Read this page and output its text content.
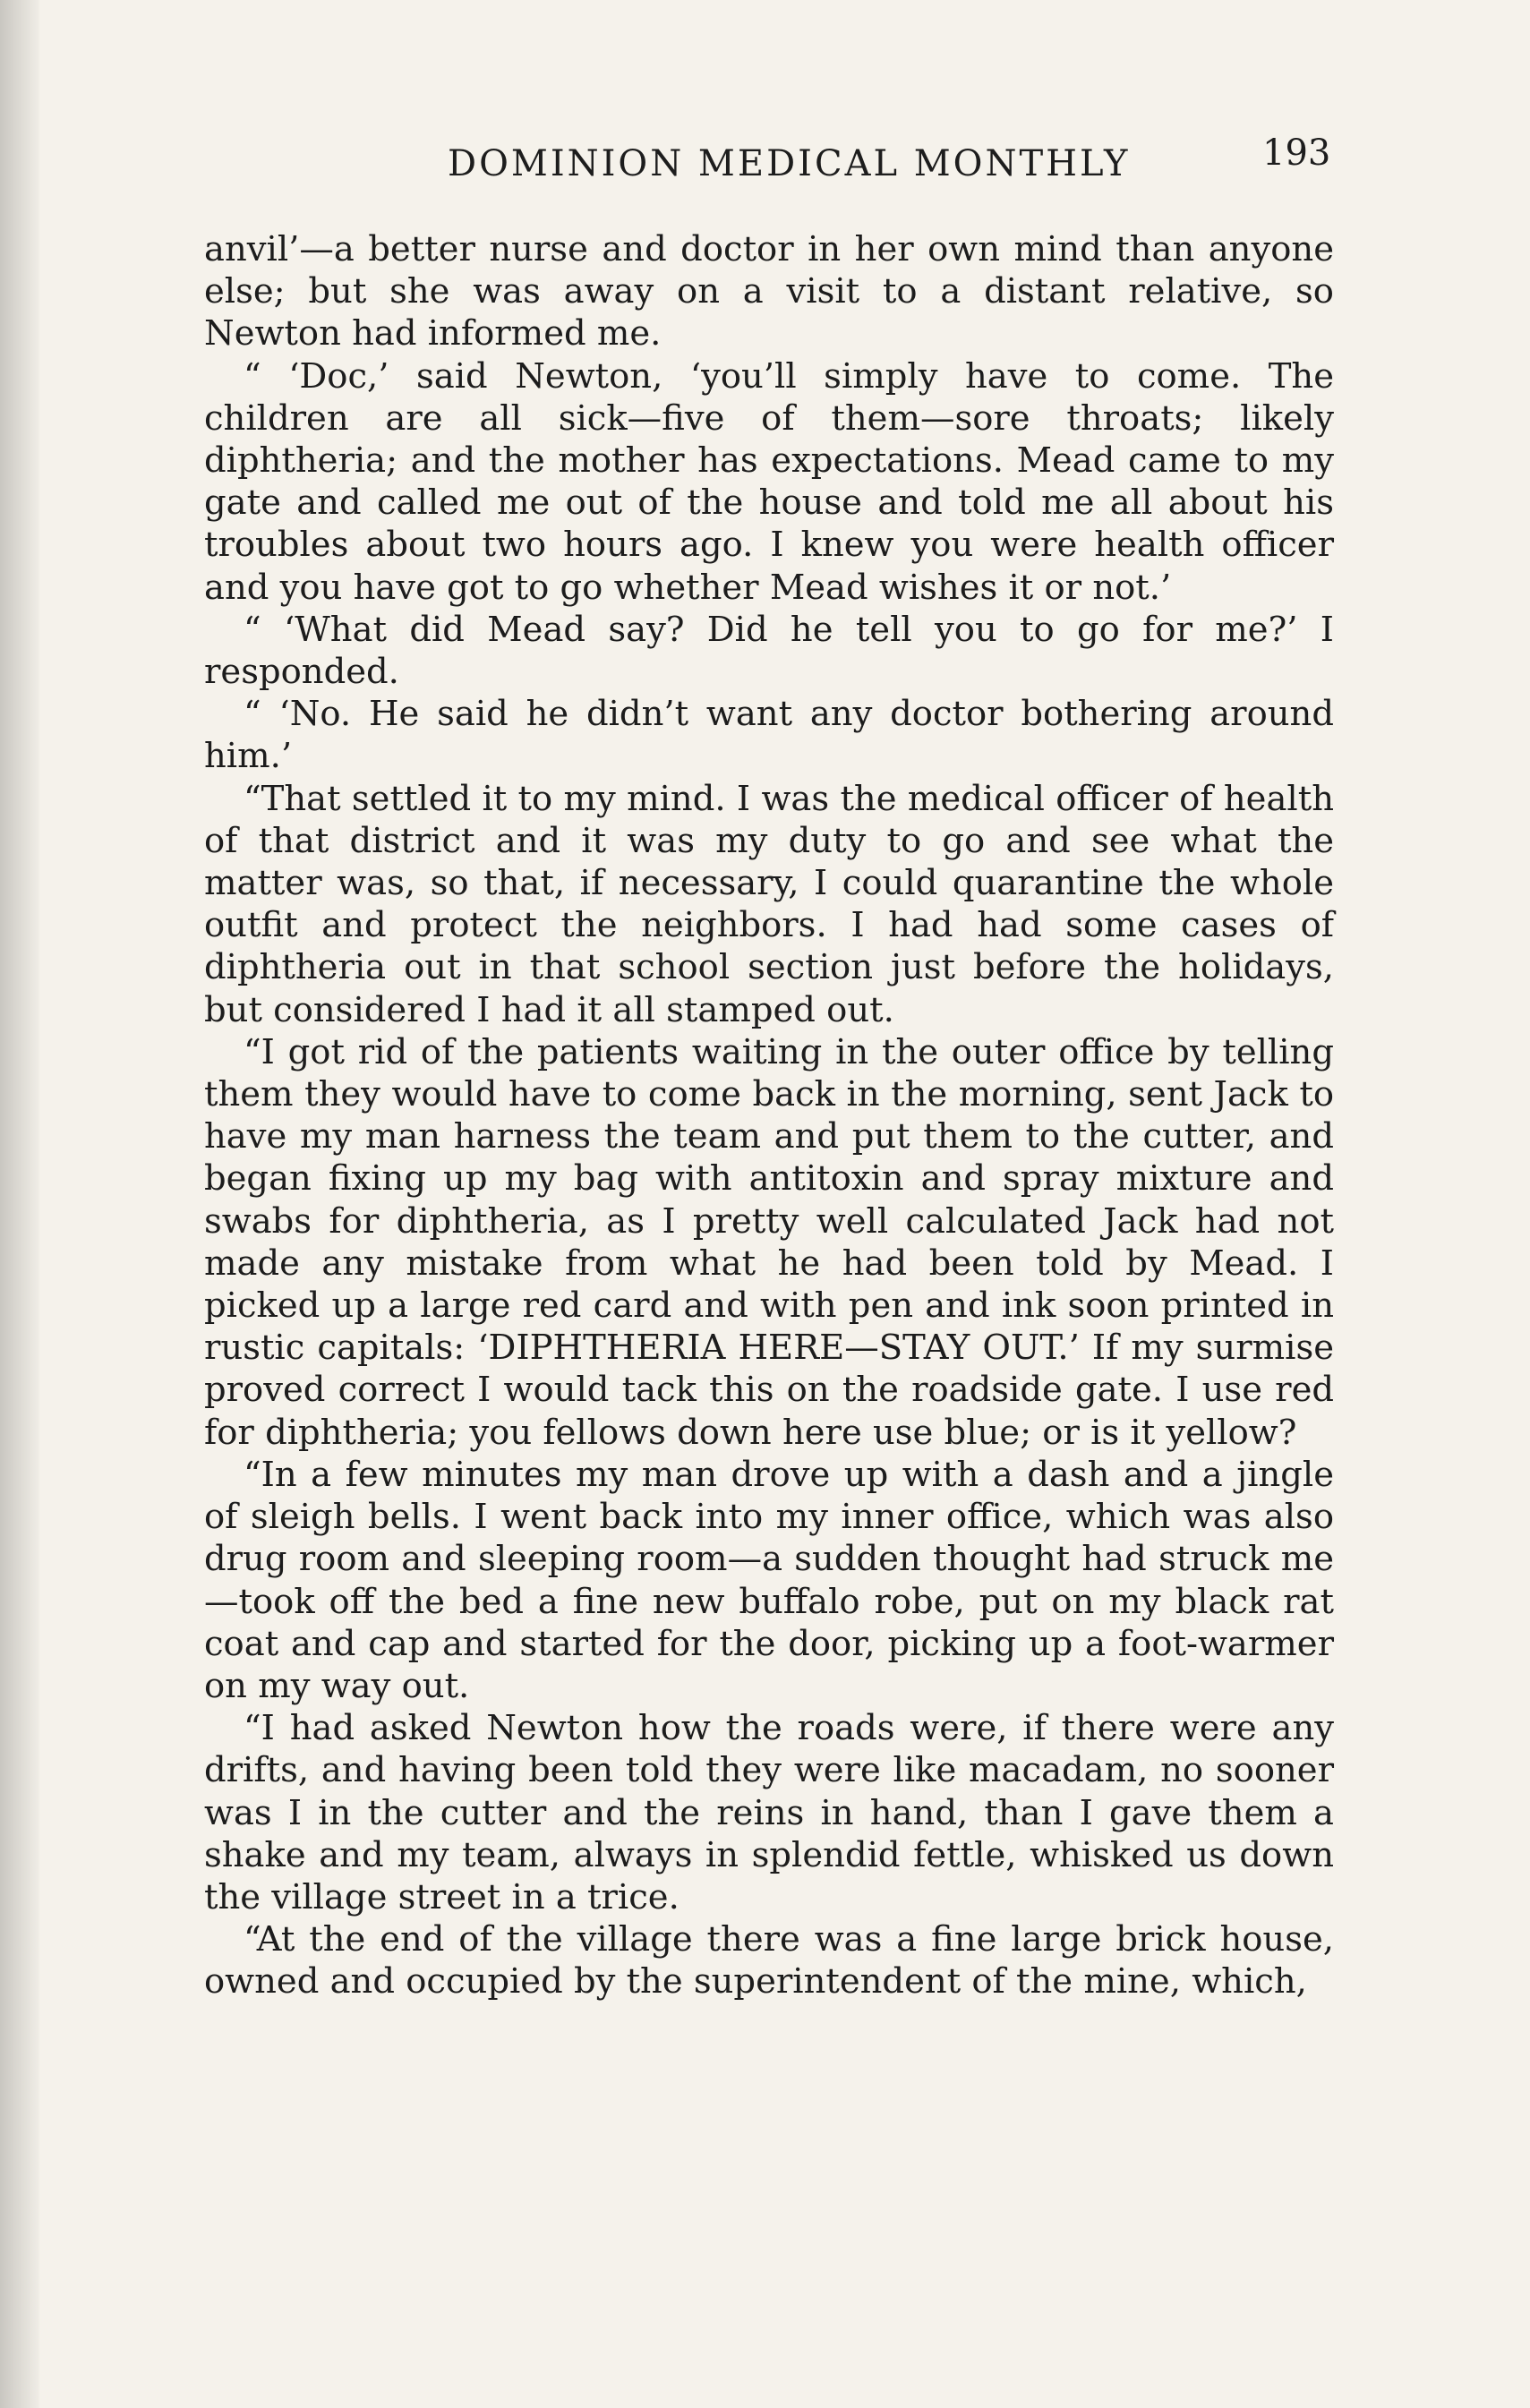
DOMINION MEDICAL MONTHLY	193

anvil’—a better nurse and doctor in her own mind than anyone else; but she was away on a visit to a distant relative, so Newton had informed me.

“ ‘Doc,’ said Newton, ‘you’ll simply have to come. The children are all sick—five of them—sore throats; likely diphtheria; and the mother has expectations. Mead came to my gate and called me out of the house and told me all about his troubles about two hours ago. I knew you were health officer and you have got to go whether Mead wishes it or not.’

“ ‘What did Mead say? Did he tell you to go for me?’ I responded.

“ ‘No. He said he didn’t want any doctor bothering around him.’

“That settled it to my mind. I was the medical officer of health of that district and it was my duty to go and see what the matter was, so that, if necessary, I could quarantine the whole outfit and protect the neighbors. I had had some cases of diphtheria out in that school section just before the holidays, but considered I had it all stamped out.

“I got rid of the patients waiting in the outer office by telling them they would have to come back in the morning, sent Jack to have my man harness the team and put them to the cutter, and began fixing up my bag with antitoxin and spray mixture and swabs for diphtheria, as I pretty well calculated Jack had not made any mistake from what he had been told by Mead. I picked up a large red card and with pen and ink soon printed in rustic capitals: ‘DIPHTHERIA HERE—STAY OUT.’ If my surmise proved correct I would tack this on the roadside gate. I use red for diphtheria; you fellows down here use blue; or is it yellow?

“In a few minutes my man drove up with a dash and a jingle of sleigh bells. I went back into my inner office, which was also drug room and sleeping room—a sudden thought had struck me—took off the bed a fine new buffalo robe, put on my black rat coat and cap and started for the door, picking up a foot-warmer on my way out.

“I had asked Newton how the roads were, if there were any drifts, and having been told they were like macadam, no sooner was I in the cutter and the reins in hand, than I gave them a shake and my team, always in splendid fettle, whisked us down the village street in a trice.

“At the end of the village there was a fine large brick house, owned and occupied by the superintendent of the mine, which,
